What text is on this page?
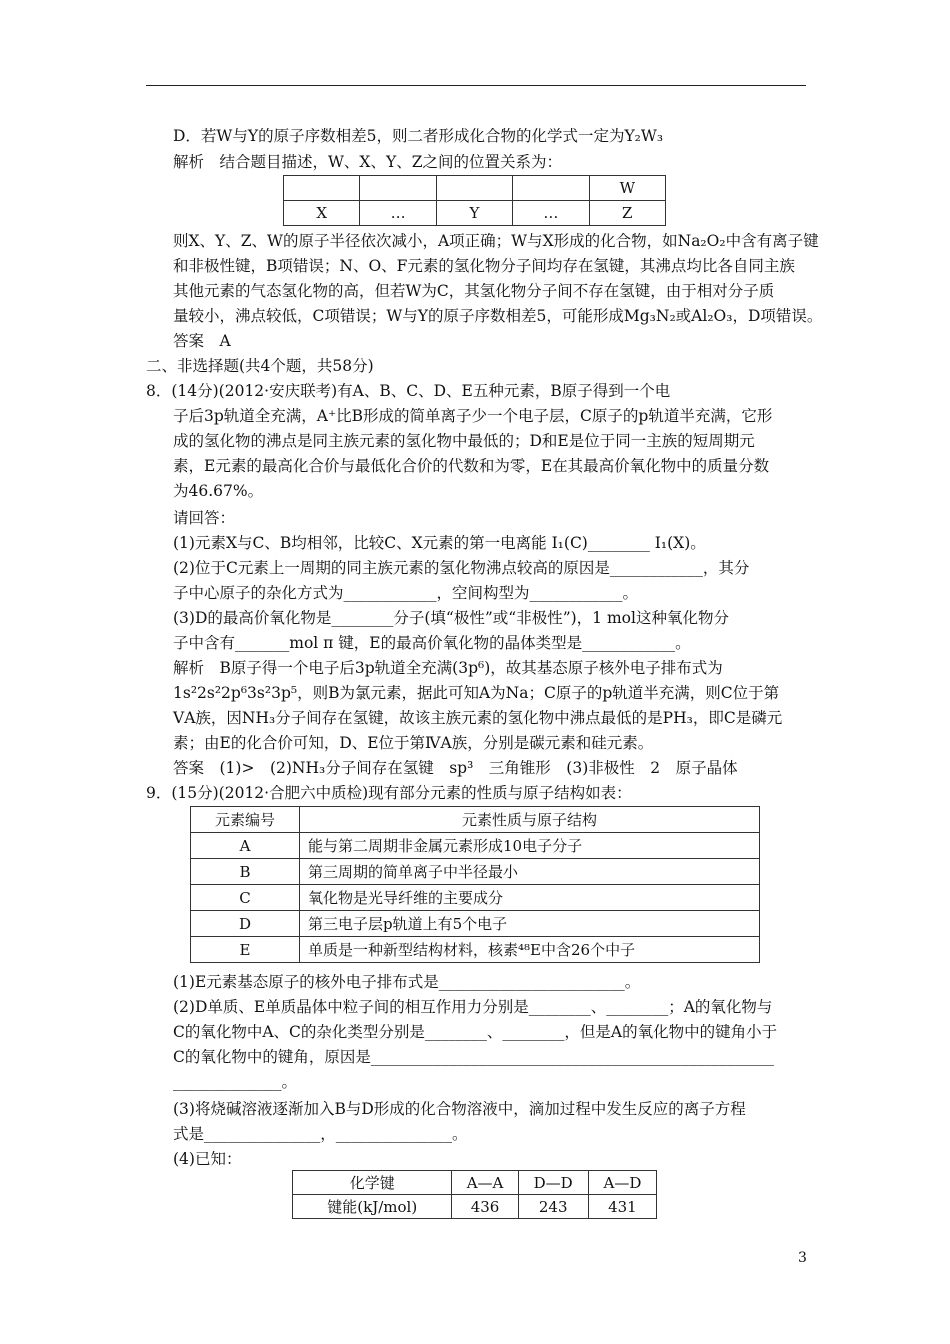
D．若W与Y的原子序数相差5，则二者形成化合物的化学式一定为Y₂W₃
解析　结合题目描述，W、X、Y、Z之间的位置关系为：
				W
X	…	Y	…	Z
则X、Y、Z、W的原子半径依次减小，A项正确；W与X形成的化合物，如Na₂O₂中含有离子键
和非极性键，B项错误；N、O、F元素的氢化物分子间均存在氢键，其沸点均比各自同主族
其他元素的气态氢化物的高，但若W为C，其氢化物分子间不存在氢键，由于相对分子质
量较小，沸点较低，C项错误；W与Y的原子序数相差5，可能形成Mg₃N₂或Al₂O₃，D项错误。
答案　A
二、非选择题(共4个题，共58分)
8．(14分)(2012·安庆联考)有A、B、C、D、E五种元素，B原子得到一个电
子后3p轨道全充满，A⁺比B形成的简单离子少一个电子层，C原子的p轨道半充满，它形
成的氢化物的沸点是同主族元素的氢化物中最低的；D和E是位于同一主族的短周期元
素，E元素的最高化合价与最低化合价的代数和为零，E在其最高价氧化物中的质量分数
为46.67%。
请回答：
(1)元素X与C、B均相邻，比较C、X元素的第一电离能 I₁(C)________ I₁(X)。
(2)位于C元素上一周期的同主族元素的氢化物沸点较高的原因是____________，其分
子中心原子的杂化方式为____________，空间构型为____________。
(3)D的最高价氧化物是________分子(填“极性”或“非极性”)，1 mol这种氧化物分
子中含有_______mol π 键，E的最高价氧化物的晶体类型是____________。
解析　B原子得一个电子后3p轨道全充满(3p⁶)，故其基态原子核外电子排布式为
1s²2s²2p⁶3s²3p⁵，则B为氯元素，据此可知A为Na；C原子的p轨道半充满，则C位于第
ⅤA族，因NH₃分子间存在氢键，故该主族元素的氢化物中沸点最低的是PH₃，即C是磷元
素；由E的化合价可知，D、E位于第ⅣA族，分别是碳元素和硅元素。
答案　(1)>　(2)NH₃分子间存在氢键　sp³　三角锥形　(3)非极性　2　原子晶体
9．(15分)(2012·合肥六中质检)现有部分元素的性质与原子结构如表：
元素编号	元素性质与原子结构
A	能与第二周期非金属元素形成10电子分子
B	第三周期的简单离子中半径最小
C	氧化物是光导纤维的主要成分
D	第三电子层p轨道上有5个电子
E	单质是一种新型结构材料，核素⁴⁸E中含26个中子
(1)E元素基态原子的核外电子排布式是________________________。
(2)D单质、E单质晶体中粒子间的相互作用力分别是________、________；A的氧化物与
C的氧化物中A、C的杂化类型分别是________、________，但是A的氧化物中的键角小于
C的氧化物中的键角，原因是____________________________________________________
______________。
(3)将烧碱溶液逐渐加入B与D形成的化合物溶液中，滴加过程中发生反应的离子方程
式是_______________，_______________。
(4)已知：
化学键	A—A	D—D	A—D
键能(kJ/mol)	436	243	431
3
